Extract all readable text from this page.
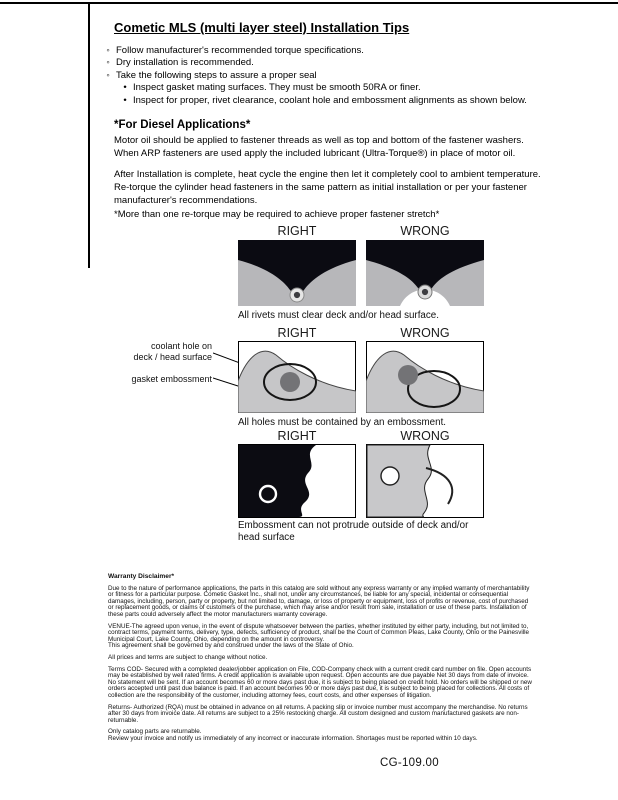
Cometic MLS (multi layer steel) Installation Tips
◦ Follow manufacturer's recommended torque specifications.
◦ Dry installation is recommended.
◦ Take the following steps to assure a proper seal
• Inspect gasket mating surfaces. They must be smooth 50RA or finer.
• Inspect for proper, rivet clearance, coolant hole and embossment alignments as shown below.
*For Diesel Applications*

Motor oil should be applied to fastener threads as well as top and bottom of the fastener washers. When ARP fasteners are used apply the included lubricant (Ultra-Torque®) in place of motor oil.

After Installation is complete, heat cycle the engine then let it completely cool to ambient temperature. Re-torque the cylinder head fasteners in the same pattern as initial installation or per your fastener manufacturer's recommendations.

*More than one re-torque may be required to achieve proper fastener stretch*

RIGHT	WRONG
All rivets must clear deck and/or head surface.
RIGHT	WRONG
coolant hole on
deck / head surface
gasket embossment
All holes must be contained by an embossment.
RIGHT	WRONG
Embossment can not protrude outside of deck and/or head surface
Warranty Disclaimer*

Due to the nature of performance applications, the parts in this catalog are sold without any express warranty or any implied warranty of merchantability or fitness for a particular purpose. Cometic Gasket Inc., shall not, under any circumstances, be liable for any special, incidental or consequential damages, including, person, party or property, but not limited to, damage, or loss of property or equipment, loss of profits or revenue, cost of purchased or replacement goods, or claims of customers of the purchase, which may arise and/or result from sale, installation or use of these parts. Installation of these parts could adversely affect the motor manufacturers warranty coverage.

VENUE-The agreed upon venue, in the event of dispute whatsoever between the parties, whether instituted by either party, including, but not limited to, contract terms, payment terms, delivery, type, defects, sufficiency of product, shall be the Court of Common Pleas, Lake County, Ohio or the Painesville Municipal Court, Lake County, Ohio, depending on the amount in controversy.

This agreement shall be governed by and construed under the laws of the State of Ohio.

All prices and terms are subject to change without notice.

Terms COD- Secured with a completed dealer/jobber application on File, COD-Company check with a current credit card number on file. Open accounts may be established by well rated firms. A credit application is available upon request. Open accounts are due payable Net 30 days from date of invoice. No statement will be sent. If an account becomes 60 or more days past due, it is subject to being placed on credit hold. No orders will be shipped or new orders accepted until past due balance is paid. If an account becomes 90 or more days past due, it is subject to being placed for collections. All costs of collection are the responsibility of the customer, including attorney fees, court costs, and other expenses of litigation.

Returns- Authorized (RQA) must be obtained in advance on all returns. A packing slip or invoice number must accompany the merchandise. No returns after 30 days from invoice date. All returns are subject to a 25% restocking charge. All custom designed and custom manufactured gaskets are non-returnable.

Only catalog parts are returnable.

Review your invoice and notify us immediately of any incorrect or inaccurate information. Shortages must be reported within 10 days.

CG-109.00
